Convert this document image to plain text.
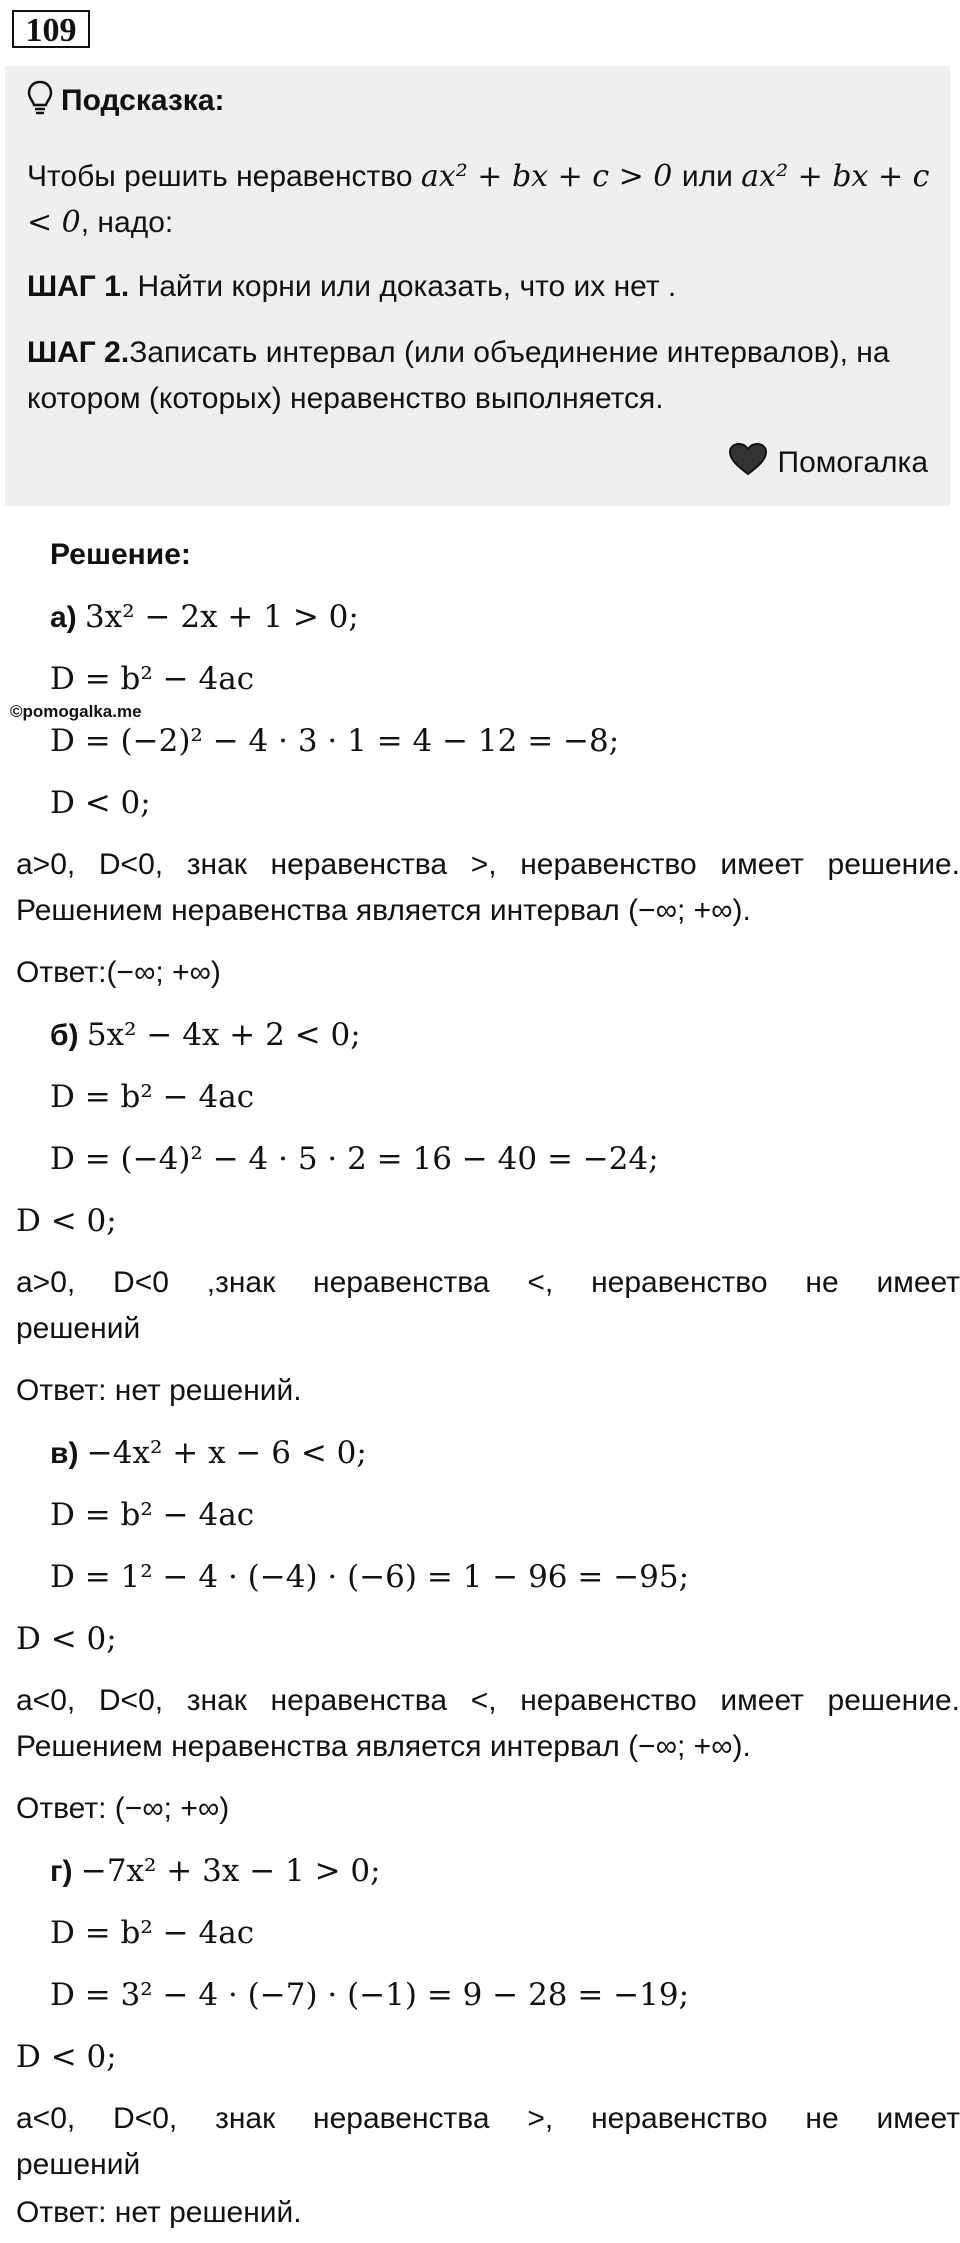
109
Подсказка:

Чтобы решить неравенство ax² + bx + c > 0 или ax² + bx + c < 0, надо:

ШАГ 1. Найти корни или доказать, что их нет .

ШАГ 2.Записать интервал (или объединение интервалов), на котором (которых) неравенство выполняется.

Помогалка
Решение:
а) 3x² − 2x + 1 > 0;
D = b² − 4ac
©pomogalka.me
D = (−2)² − 4 · 3 · 1 = 4 − 12 = −8;
D < 0;
a>0, D<0, знак неравенства >, неравенство имеет решение.
Решением неравенства является интервал (−∞; +∞).
Ответ:(−∞; +∞)
б) 5x² − 4x + 2 < 0;
D = b² − 4ac
D = (−4)² − 4 · 5 · 2 = 16 − 40 = −24;
D < 0;
a>0, D<0 ,знак неравенства <, неравенство не имеет
решений
Ответ: нет решений.
в) −4x² + x − 6 < 0;
D = b² − 4ac
D = 1² − 4 · (−4) · (−6) = 1 − 96 = −95;
D < 0;
a<0, D<0, знак неравенства <, неравенство имеет решение.
Решением неравенства является интервал (−∞; +∞).
Ответ: (−∞; +∞)
г) −7x² + 3x − 1 > 0;
D = b² − 4ac
D = 3² − 4 · (−7) · (−1) = 9 − 28 = −19;
D < 0;
a<0, D<0, знак неравенства >, неравенство не имеет
решений
Ответ: нет решений.
